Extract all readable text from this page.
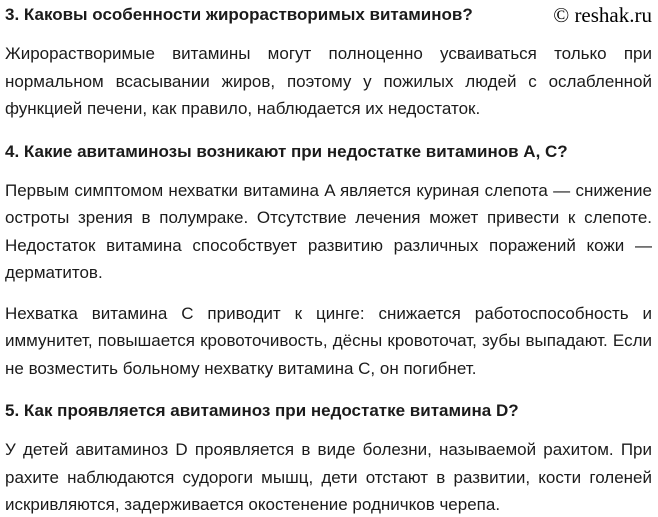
3. Каковы особенности жирорастворимых витаминов?	© reshak.ru

Жирорастворимые витамины могут полноценно усваиваться только при нормальном всасывании жиров, поэтому у пожилых людей с ослабленной функцией печени, как правило, наблюдается их недостаток.

4. Какие авитаминозы возникают при недостатке витаминов A, C?

Первым симптомом нехватки витамина A является куриная слепота — снижение остроты зрения в полумраке. Отсутствие лечения может привести к слепоте. Недостаток витамина способствует развитию различных поражений кожи — дерматитов.

Нехватка витамина C приводит к цинге: снижается работоспособность и иммунитет, повышается кровоточивость, дёсны кровоточат, зубы выпадают. Если не возместить больному нехватку витамина C, он погибнет.

5. Как проявляется авитаминоз при недостатке витамина D?

У детей авитаминоз D проявляется в виде болезни, называемой рахитом. При рахите наблюдаются судороги мышц, дети отстают в развитии, кости голеней искривляются, задерживается окостенение родничков черепа.
